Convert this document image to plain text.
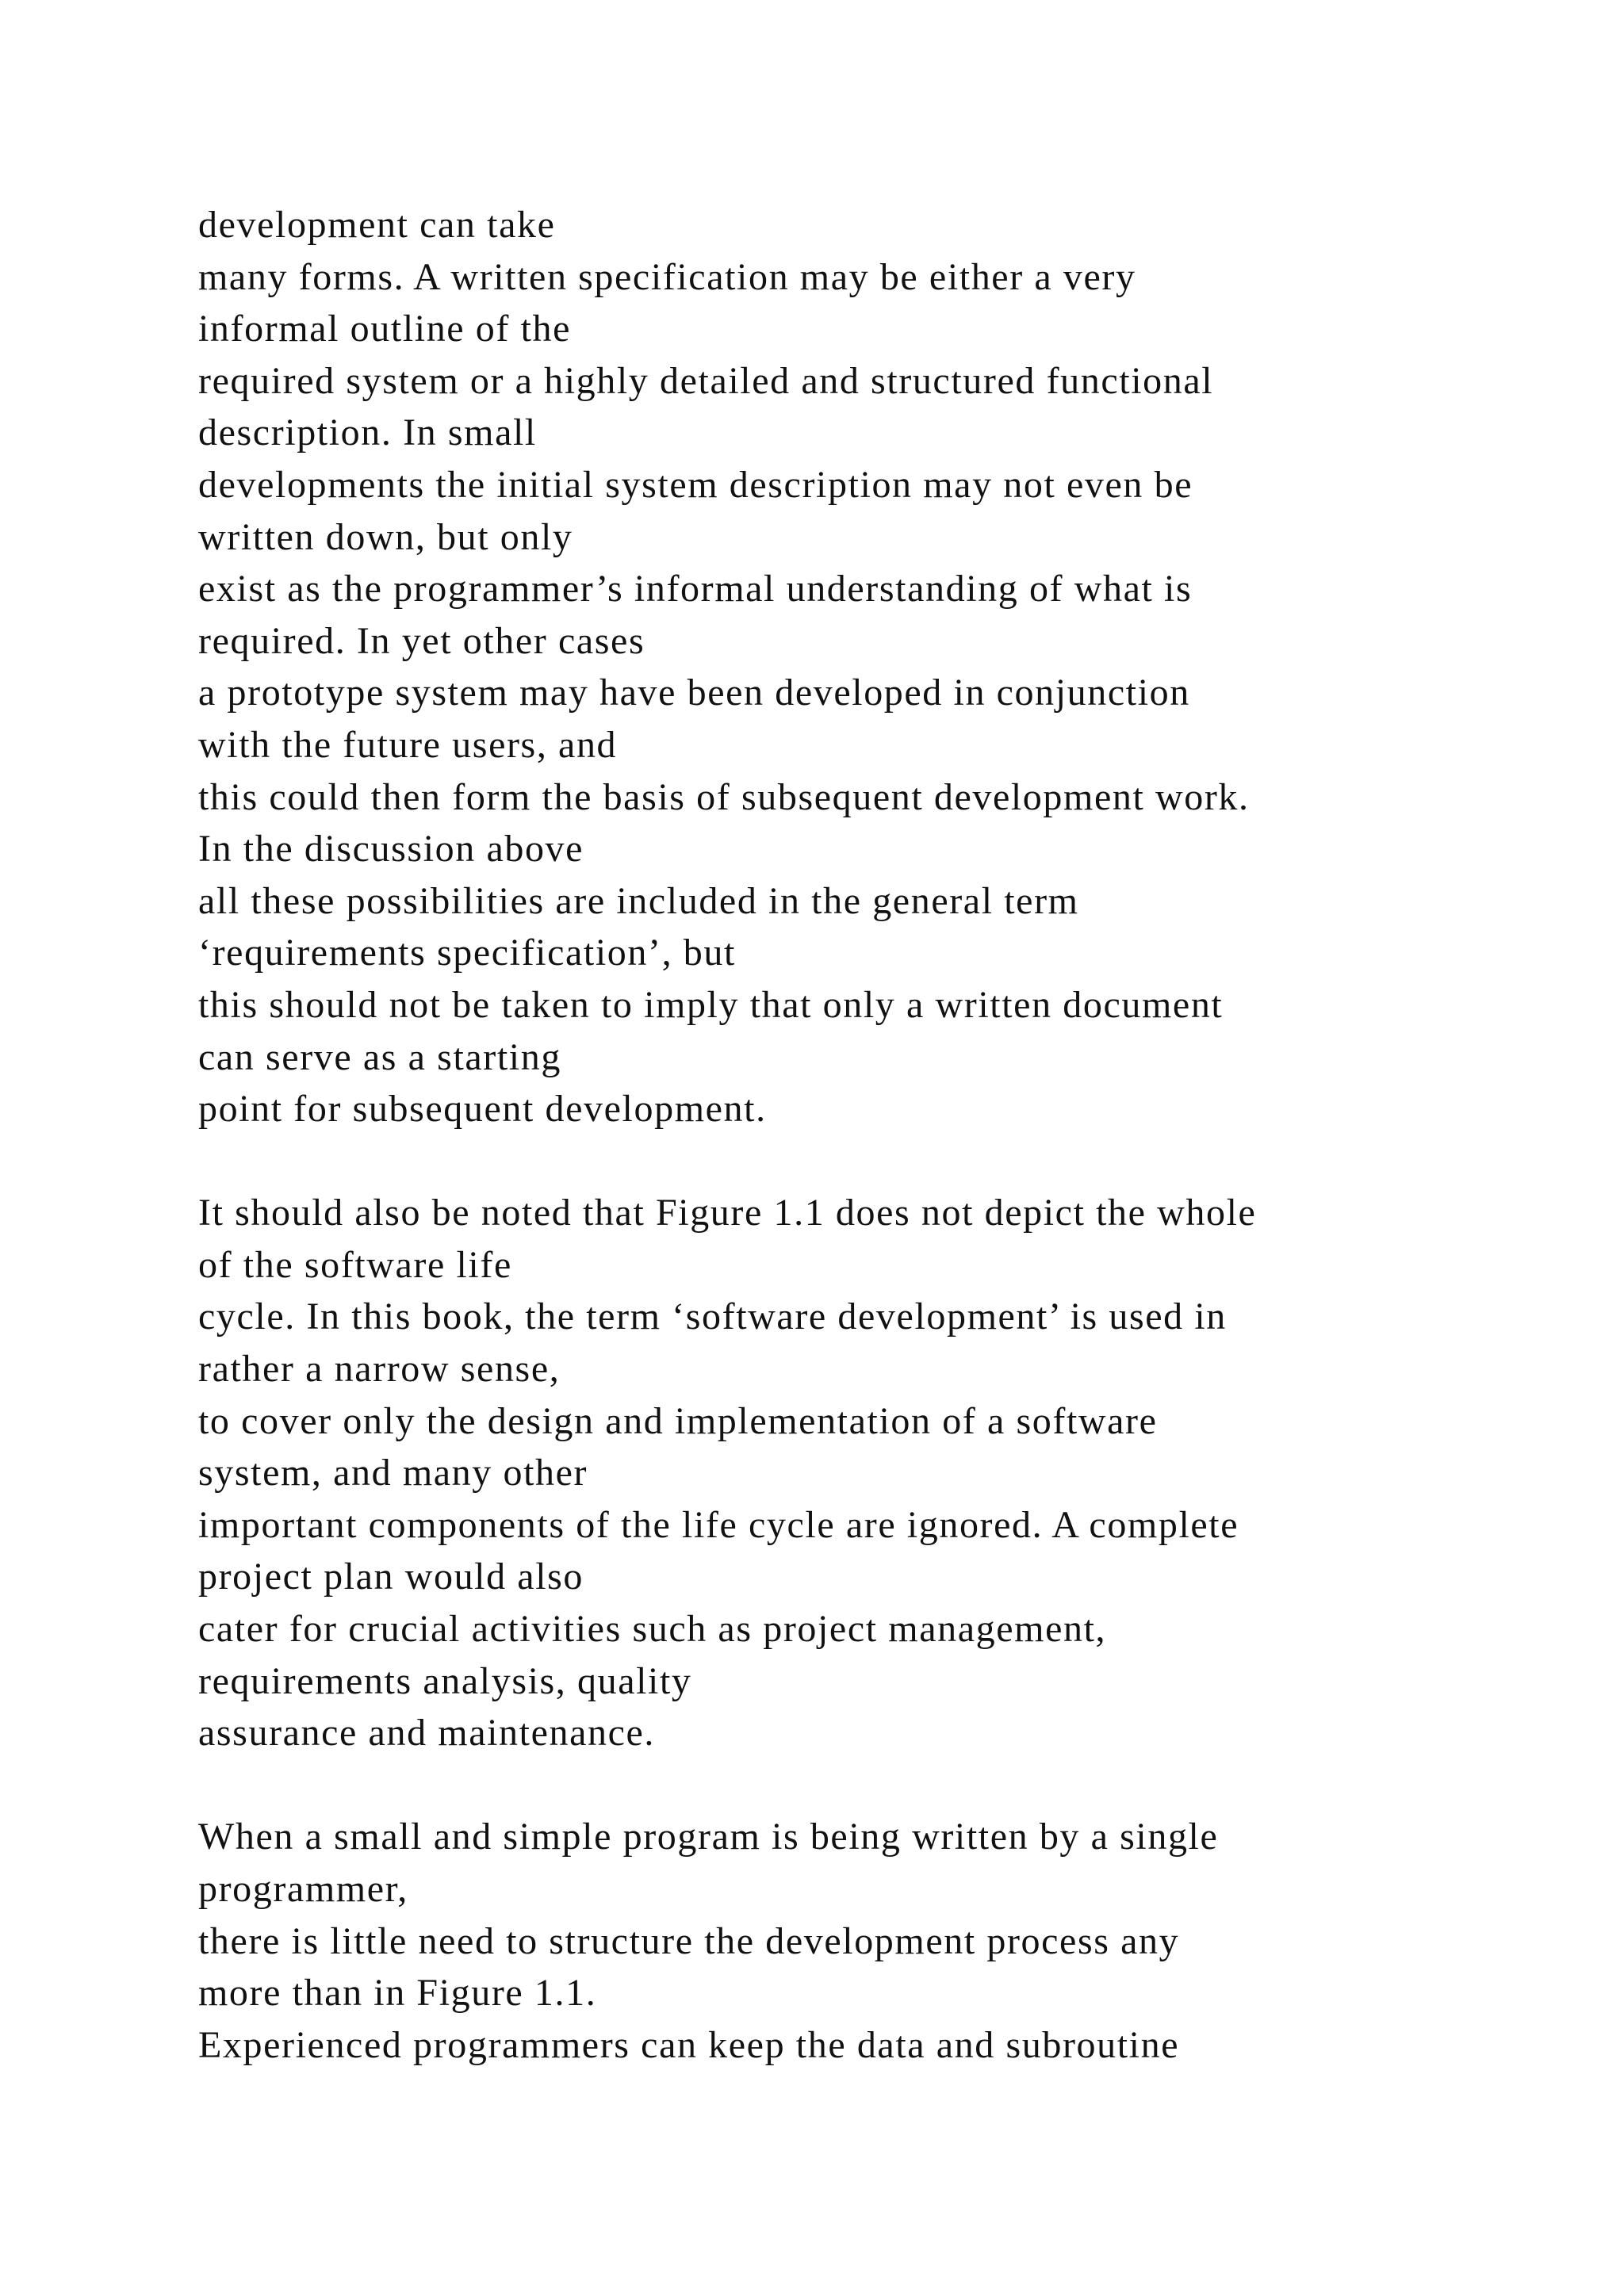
development can take
many forms. A written specification may be either a very
informal outline of the
required system or a highly detailed and structured functional
description. In small
developments the initial system description may not even be
written down, but only
exist as the programmer’s informal understanding of what is
required. In yet other cases
a prototype system may have been developed in conjunction
with the future users, and
this could then form the basis of subsequent development work.
In the discussion above
all these possibilities are included in the general term
‘requirements specification’, but
this should not be taken to imply that only a written document
can serve as a starting
point for subsequent development.
It should also be noted that Figure 1.1 does not depict the whole
of the software life
cycle. In this book, the term ‘software development’ is used in
rather a narrow sense,
to cover only the design and implementation of a software
system, and many other
important components of the life cycle are ignored. A complete
project plan would also
cater for crucial activities such as project management,
requirements analysis, quality
assurance and maintenance.
When a small and simple program is being written by a single
programmer,
there is little need to structure the development process any
more than in Figure 1.1.
Experienced programmers can keep the data and subroutine
